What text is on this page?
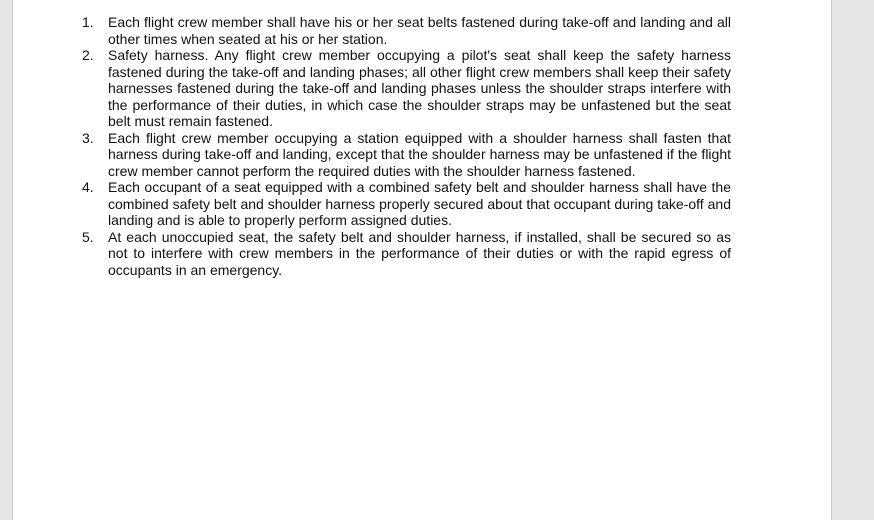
1.	Each flight crew member shall have his or her seat belts fastened during take-off and landing and all other times when seated at his or her station.
2.	Safety harness. Any flight crew member occupying a pilot's seat shall keep the safety harness fastened during the take-off and landing phases; all other flight crew members shall keep their safety harnesses fastened during the take-off and landing phases unless the shoulder straps interfere with the performance of their duties, in which case the shoulder straps may be unfastened but the seat belt must remain fastened.
3.	Each flight crew member occupying a station equipped with a shoulder harness shall fasten that harness during take-off and landing, except that the shoulder harness may be unfastened if the flight crew member cannot perform the required duties with the shoulder harness fastened.
4.	Each occupant of a seat equipped with a combined safety belt and shoulder harness shall have the combined safety belt and shoulder harness properly secured about that occupant during take-off and landing and is able to properly perform assigned duties.
5.	At each unoccupied seat, the safety belt and shoulder harness, if installed, shall be secured so as not to interfere with crew members in the performance of their duties or with the rapid egress of occupants in an emergency.
